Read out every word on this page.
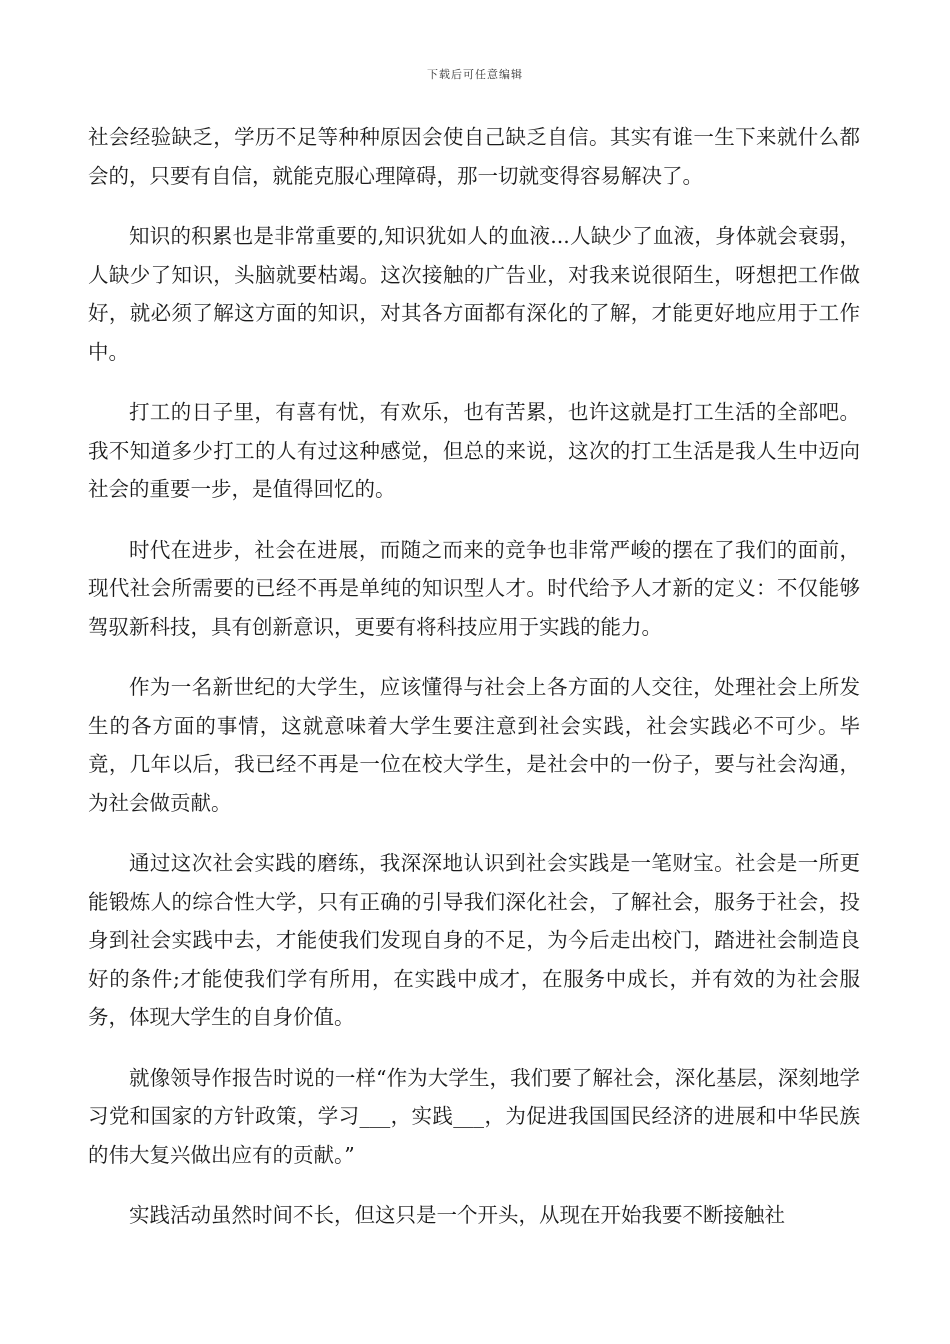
下载后可任意编辑

社会经验缺乏，学历不足等种种原因会使自己缺乏自信。其实有谁一生下来就什么都会的，只要有自信，就能克服心理障碍，那一切就变得容易解决了。

知识的积累也是非常重要的,知识犹如人的血液...人缺少了血液，身体就会衰弱，人缺少了知识，头脑就要枯竭。这次接触的广告业，对我来说很陌生，呀想把工作做好，就必须了解这方面的知识，对其各方面都有深化的了解，才能更好地应用于工作中。

打工的日子里，有喜有忧，有欢乐，也有苦累，也许这就是打工生活的全部吧。我不知道多少打工的人有过这种感觉，但总的来说，这次的打工生活是我人生中迈向社会的重要一步，是值得回忆的。

时代在进步，社会在进展，而随之而来的竞争也非常严峻的摆在了我们的面前，现代社会所需要的已经不再是单纯的知识型人才。时代给予人才新的定义：不仅能够驾驭新科技，具有创新意识，更要有将科技应用于实践的能力。

作为一名新世纪的大学生，应该懂得与社会上各方面的人交往，处理社会上所发生的各方面的事情，这就意味着大学生要注意到社会实践，社会实践必不可少。毕竟，几年以后，我已经不再是一位在校大学生，是社会中的一份子，要与社会沟通，为社会做贡献。

通过这次社会实践的磨练，我深深地认识到社会实践是一笔财宝。社会是一所更能锻炼人的综合性大学，只有正确的引导我们深化社会，了解社会，服务于社会，投身到社会实践中去，才能使我们发现自身的不足，为今后走出校门，踏进社会制造良好的条件;才能使我们学有所用，在实践中成才，在服务中成长，并有效的为社会服务，体现大学生的自身价值。

就像领导作报告时说的一样“作为大学生，我们要了解社会，深化基层，深刻地学习党和国家的方针政策，学习___，实践___，为促进我国国民经济的进展和中华民族的伟大复兴做出应有的贡献。”

实践活动虽然时间不长，但这只是一个开头，从现在开始我要不断接触社
